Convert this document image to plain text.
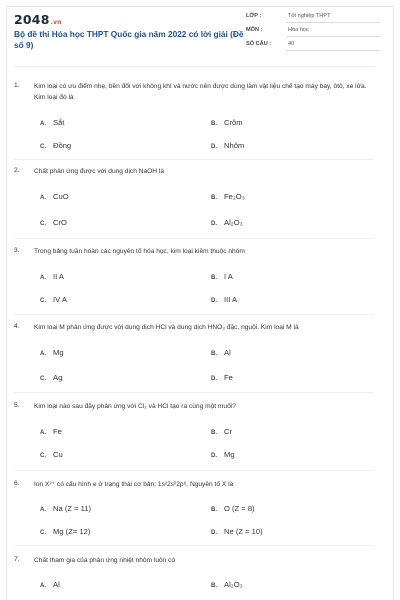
2048.vn
Bộ đề thi Hóa học THPT Quốc gia năm 2022 có lời giải (Đề số 9)
LỚP :	Tốt nghiệp THPT
MÔN :	Hóa học
SỐ CÂU :	40
1. Kim loại có ưu điểm nhẹ, bền đối với không khí và nước nên được dùng làm vật liệu chế tạo máy bay, ôtô, xe lửa. Kim loại đó là
A. Sắt	B. Crôm
C. Đồng	D. Nhôm
2. Chất phản ứng được với dung dịch NaOH là
A. CuO	B. Fe₂O₃
C. CrO	D. Al₂O₃
3. Trong bảng tuần hoàn các nguyên tố hóa học, kim loại kiềm thuộc nhóm
A. II A	B. I A
C. IV A	D. III A
4. Kim loại M phản ứng được với dung dịch HCl và dung dịch HNO₃ đặc, nguội. Kim loại M là
A. Mg	B. Al
C. Ag	D. Fe
5. Kim loại nào sau đây phản ứng với Cl₂ và HCl tạo ra cùng một muối?
A. Fe	B. Cr
C. Cu	D. Mg
6. Ion X²⁺ có cấu hình e ở trạng thái cơ bản: 1s²2s²2p⁶. Nguyên tố X là
A. Na (Z = 11)	B. O (Z = 8)
C. Mg (Z= 12)	D. Ne (Z = 10)
7. Chất tham gia của phản ứng nhiệt nhôm luôn có
A. Al	B. Al₂O₃
